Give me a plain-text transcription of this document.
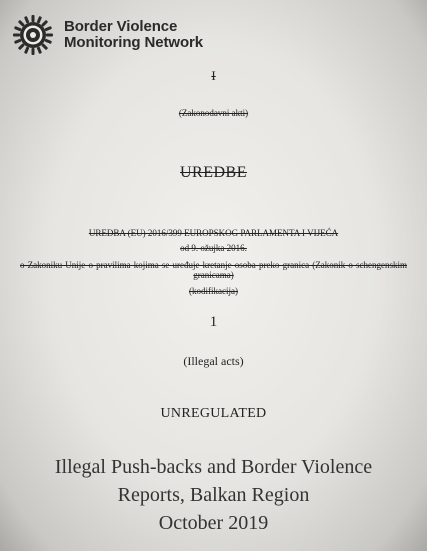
Border Violence
Monitoring Network
I
(Zakonodavni akti)
UREDBE
UREDBA (EU) 2016/399 EUROPSKOG PARLAMENTA I VIJEĆA
od 9. ožujka 2016.
o Zakoniku Unije o pravilima kojima se uređuje kretanje osoba preko granica (Zakonik o schengenskim granicama)
(kodifikacija)
1
(Illegal acts)
UNREGULATED
Illegal Push-backs and Border Violence
Reports, Balkan Region
October 2019
